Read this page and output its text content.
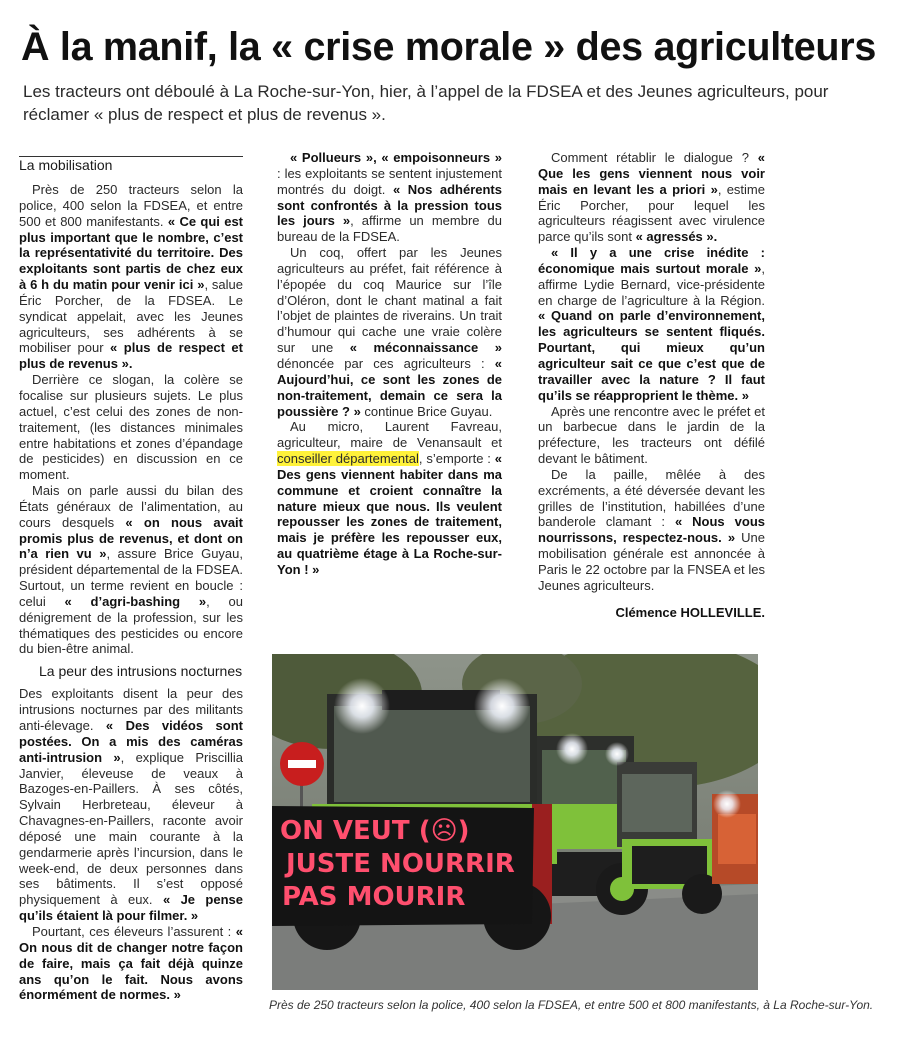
À la manif, la « crise morale » des agriculteurs
Les tracteurs ont déboulé à La Roche-sur-Yon, hier, à l’appel de la FDSEA et des Jeunes agriculteurs, pour réclamer « plus de respect et plus de revenus ».
La mobilisation

Près de 250 tracteurs selon la police, 400 selon la FDSEA, et entre 500 et 800 manifestants. « Ce qui est plus important que le nombre, c’est la représentativité du territoire. Des exploitants sont partis de chez eux à 6 h du matin pour venir ici », salue Éric Porcher, de la FDSEA. Le syndicat appelait, avec les Jeunes agriculteurs, ses adhérents à se mobiliser pour « plus de respect et plus de revenus ».

Derrière ce slogan, la colère se focalise sur plusieurs sujets. Le plus actuel, c’est celui des zones de non-traitement, (les distances minimales entre habitations et zones d’épandage de pesticides) en discussion en ce moment.

Mais on parle aussi du bilan des États généraux de l’alimentation, au cours desquels « on nous avait promis plus de revenus, et dont on n’a rien vu », assure Brice Guyau, président départemental de la FDSEA. Surtout, un terme revient en boucle : celui « d’agri-bashing », ou dénigrement de la profession, sur les thématiques des pesticides ou encore du bien-être animal.

La peur des intrusions nocturnes

Des exploitants disent la peur des intrusions nocturnes par des militants anti-élevage. « Des vidéos sont postées. On a mis des caméras anti-intrusion », explique Priscillia Janvier, éleveuse de veaux à Bazoges-en-Paillers. À ses côtés, Sylvain Herbreteau, éleveur à Chavagnes-en-Paillers, raconte avoir déposé une main courante à la gendarmerie après l’incursion, dans le week-end, de deux personnes dans ses bâtiments. Il s’est opposé physiquement à eux. « Je pense qu’ils étaient là pour filmer. »

Pourtant, ces éleveurs l’assurent : « On nous dit de changer notre façon de faire, mais ça fait déjà quinze ans qu’on le fait. Nous avons énormément de normes. »

« Pollueurs », « empoisonneurs » : les exploitants se sentent injustement montrés du doigt. « Nos adhérents sont confrontés à la pression tous les jours », affirme un membre du bureau de la FDSEA.

Un coq, offert par les Jeunes agriculteurs au préfet, fait référence à l’épopée du coq Maurice sur l’île d’Oléron, dont le chant matinal a fait l’objet de plaintes de riverains. Un trait d’humour qui cache une vraie colère sur une « méconnaissance » dénoncée par ces agriculteurs : « Aujourd’hui, ce sont les zones de non-traitement, demain ce sera la poussière ? » continue Brice Guyau.

Au micro, Laurent Favreau, agriculteur, maire de Venansault et conseiller départemental, s’emporte : « Des gens viennent habiter dans ma commune et croient connaître la nature mieux que nous. Ils veulent repousser les zones de traitement, mais je préfère les repousser eux, au quatrième étage à La Roche-sur-Yon ! »

Comment rétablir le dialogue ? « Que les gens viennent nous voir mais en levant les a priori », estime Éric Porcher, pour lequel les agriculteurs réagissent avec virulence parce qu’ils sont « agressés ».

« Il y a une crise inédite : économique mais surtout morale », affirme Lydie Bernard, vice-présidente en charge de l’agriculture à la Région. « Quand on parle d’environnement, les agriculteurs se sentent fliqués. Pourtant, qui mieux qu’un agriculteur sait ce que c’est que de travailler avec la nature ? Il faut qu’ils se réapproprient le thème. »

Après une rencontre avec le préfet et un barbecue dans le jardin de la préfecture, les tracteurs ont défilé devant le bâtiment.

De la paille, mêlée à des excréments, a été déversée devant les grilles de l’institution, habillées d’une banderole clamant : « Nous vous nourrissons, respectez-nous. » Une mobilisation générale est annoncée à Paris le 22 octobre par la FNSEA et les Jeunes agriculteurs.

Clémence HOLLEVILLE.
ON VEUT (☹)
JUSTE NOURRIR
PAS MOURIR
Près de 250 tracteurs selon la police, 400 selon la FDSEA, et entre 500 et 800 manifestants, à La Roche-sur-Yon.
